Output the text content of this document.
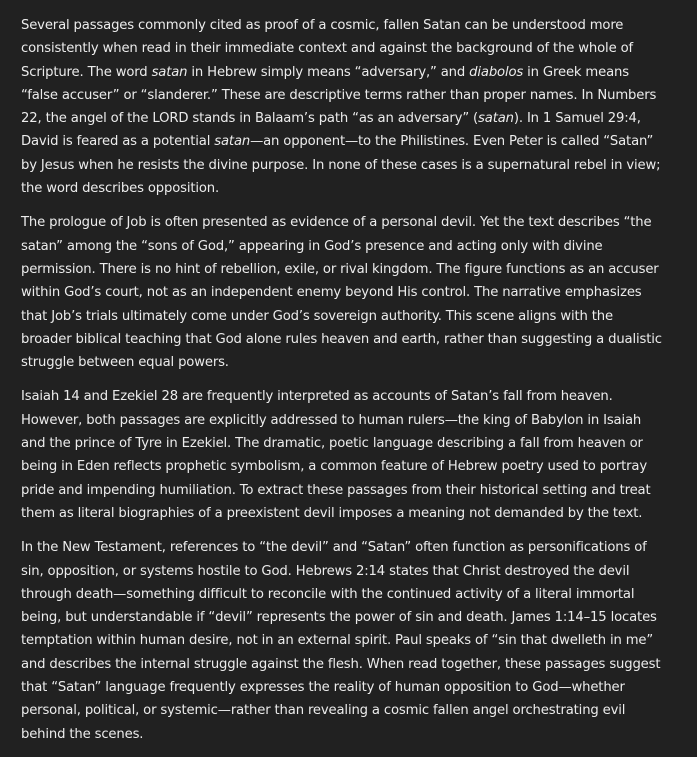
Several passages commonly cited as proof of a cosmic, fallen Satan can be understood more consistently when read in their immediate context and against the background of the whole of Scripture. The word satan in Hebrew simply means “adversary,” and diabolos in Greek means “false accuser” or “slanderer.” These are descriptive terms rather than proper names. In Numbers 22, the angel of the LORD stands in Balaam’s path “as an adversary” (satan). In 1 Samuel 29:4, David is feared as a potential satan—an opponent—to the Philistines. Even Peter is called “Satan” by Jesus when he resists the divine purpose. In none of these cases is a supernatural rebel in view; the word describes opposition.

The prologue of Job is often presented as evidence of a personal devil. Yet the text describes “the satan” among the “sons of God,” appearing in God’s presence and acting only with divine permission. There is no hint of rebellion, exile, or rival kingdom. The figure functions as an accuser within God’s court, not as an independent enemy beyond His control. The narrative emphasizes that Job’s trials ultimately come under God’s sovereign authority. This scene aligns with the broader biblical teaching that God alone rules heaven and earth, rather than suggesting a dualistic struggle between equal powers.

Isaiah 14 and Ezekiel 28 are frequently interpreted as accounts of Satan’s fall from heaven. However, both passages are explicitly addressed to human rulers—the king of Babylon in Isaiah and the prince of Tyre in Ezekiel. The dramatic, poetic language describing a fall from heaven or being in Eden reflects prophetic symbolism, a common feature of Hebrew poetry used to portray pride and impending humiliation. To extract these passages from their historical setting and treat them as literal biographies of a preexistent devil imposes a meaning not demanded by the text.

In the New Testament, references to “the devil” and “Satan” often function as personifications of sin, opposition, or systems hostile to God. Hebrews 2:14 states that Christ destroyed the devil through death—something difficult to reconcile with the continued activity of a literal immortal being, but understandable if “devil” represents the power of sin and death. James 1:14–15 locates temptation within human desire, not in an external spirit. Paul speaks of “sin that dwelleth in me” and describes the internal struggle against the flesh. When read together, these passages suggest that “Satan” language frequently expresses the reality of human opposition to God—whether personal, political, or systemic—rather than revealing a cosmic fallen angel orchestrating evil behind the scenes.
